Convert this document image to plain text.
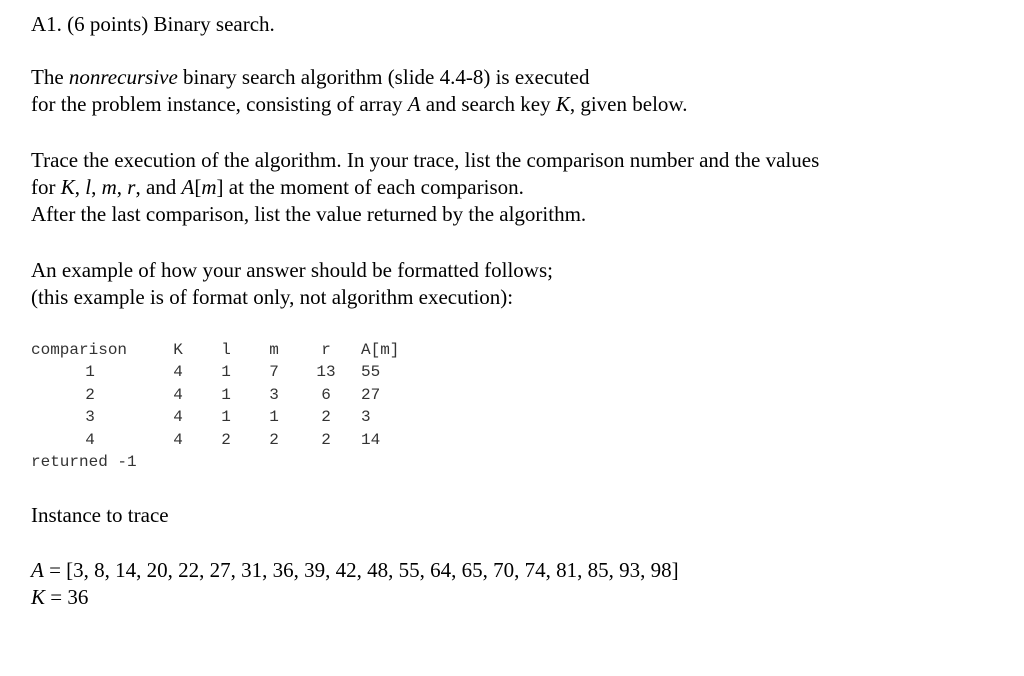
A1. (6 points) Binary search.

The nonrecursive binary search algorithm (slide 4.4-8) is executed

for the problem instance, consisting of array A and search key K, given below.

Trace the execution of the algorithm. In your trace, list the comparison number and the values

for K, l, m, r, and A[m] at the moment of each comparison.

After the last comparison, list the value returned by the algorithm.

An example of how your answer should be formatted follows;

(this example is of format only, not algorithm execution):

comparison	K l m	r	A[m]
1	4 1 7	13	55
2	4 1 3	6	27
3	4 1 1	2	3
4	4 2 2	2	14
returned -1

Instance to trace

A = [3, 8, 14, 20, 22, 27, 31, 36, 39, 42, 48, 55, 64, 65, 70, 74, 81, 85, 93, 98]

K = 36
